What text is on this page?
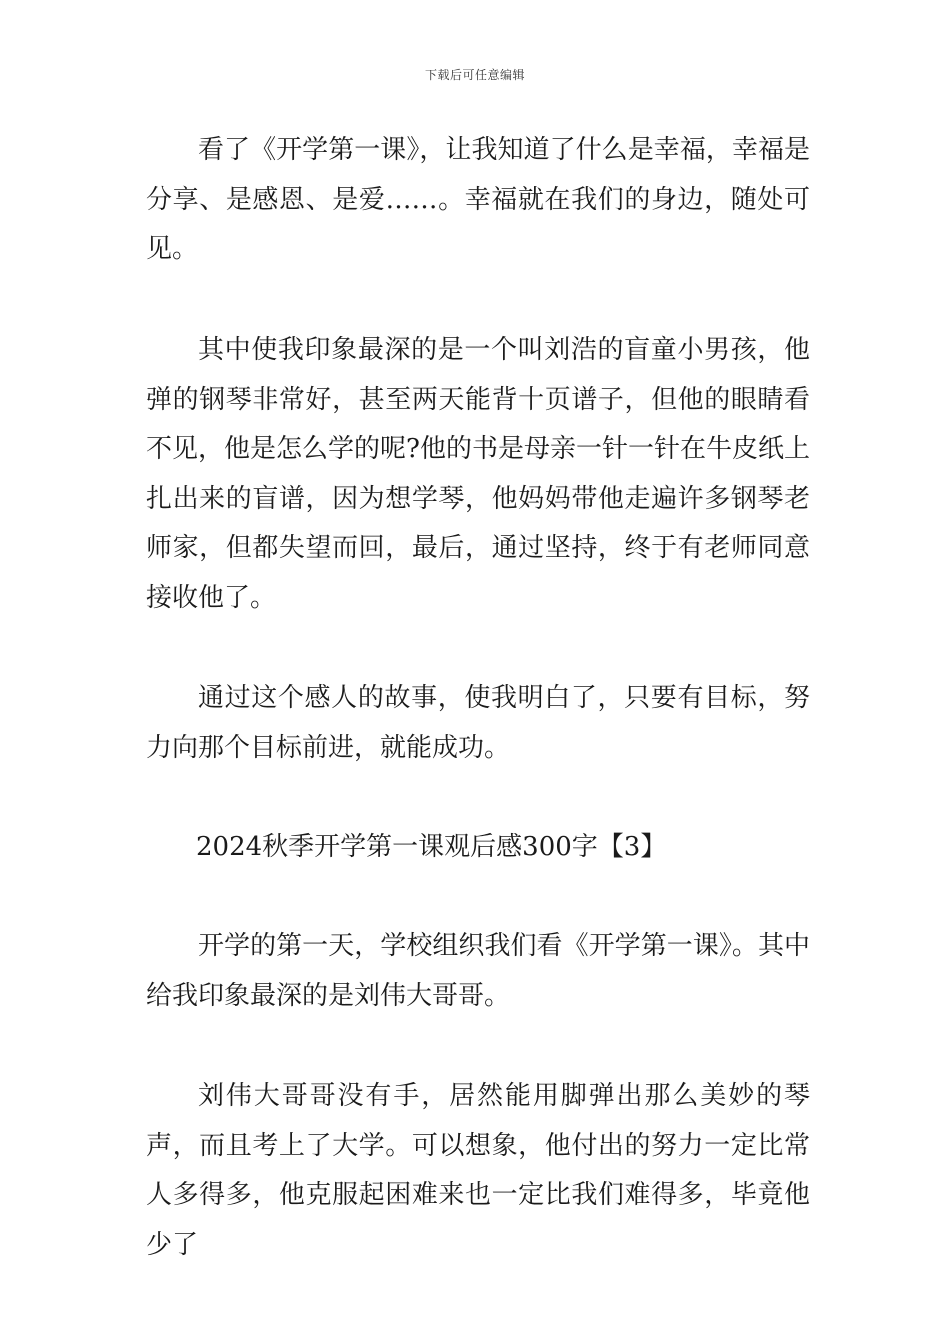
下载后可任意编辑

看了《开学第一课》，让我知道了什么是幸福，幸福是分享、是感恩、是爱……。幸福就在我们的身边，随处可见。

其中使我印象最深的是一个叫刘浩的盲童小男孩，他弹的钢琴非常好，甚至两天能背十页谱子，但他的眼睛看不见，他是怎么学的呢?他的书是母亲一针一针在牛皮纸上扎出来的盲谱，因为想学琴，他妈妈带他走遍许多钢琴老师家，但都失望而回，最后，通过坚持，终于有老师同意接收他了。

通过这个感人的故事，使我明白了，只要有目标，努力向那个目标前进，就能成功。

2024秋季开学第一课观后感300字【3】

开学的第一天，学校组织我们看《开学第一课》。其中给我印象最深的是刘伟大哥哥。

刘伟大哥哥没有手，居然能用脚弹出那么美妙的琴声，而且考上了大学。可以想象，他付出的努力一定比常人多得多，他克服起困难来也一定比我们难得多，毕竟他少了
